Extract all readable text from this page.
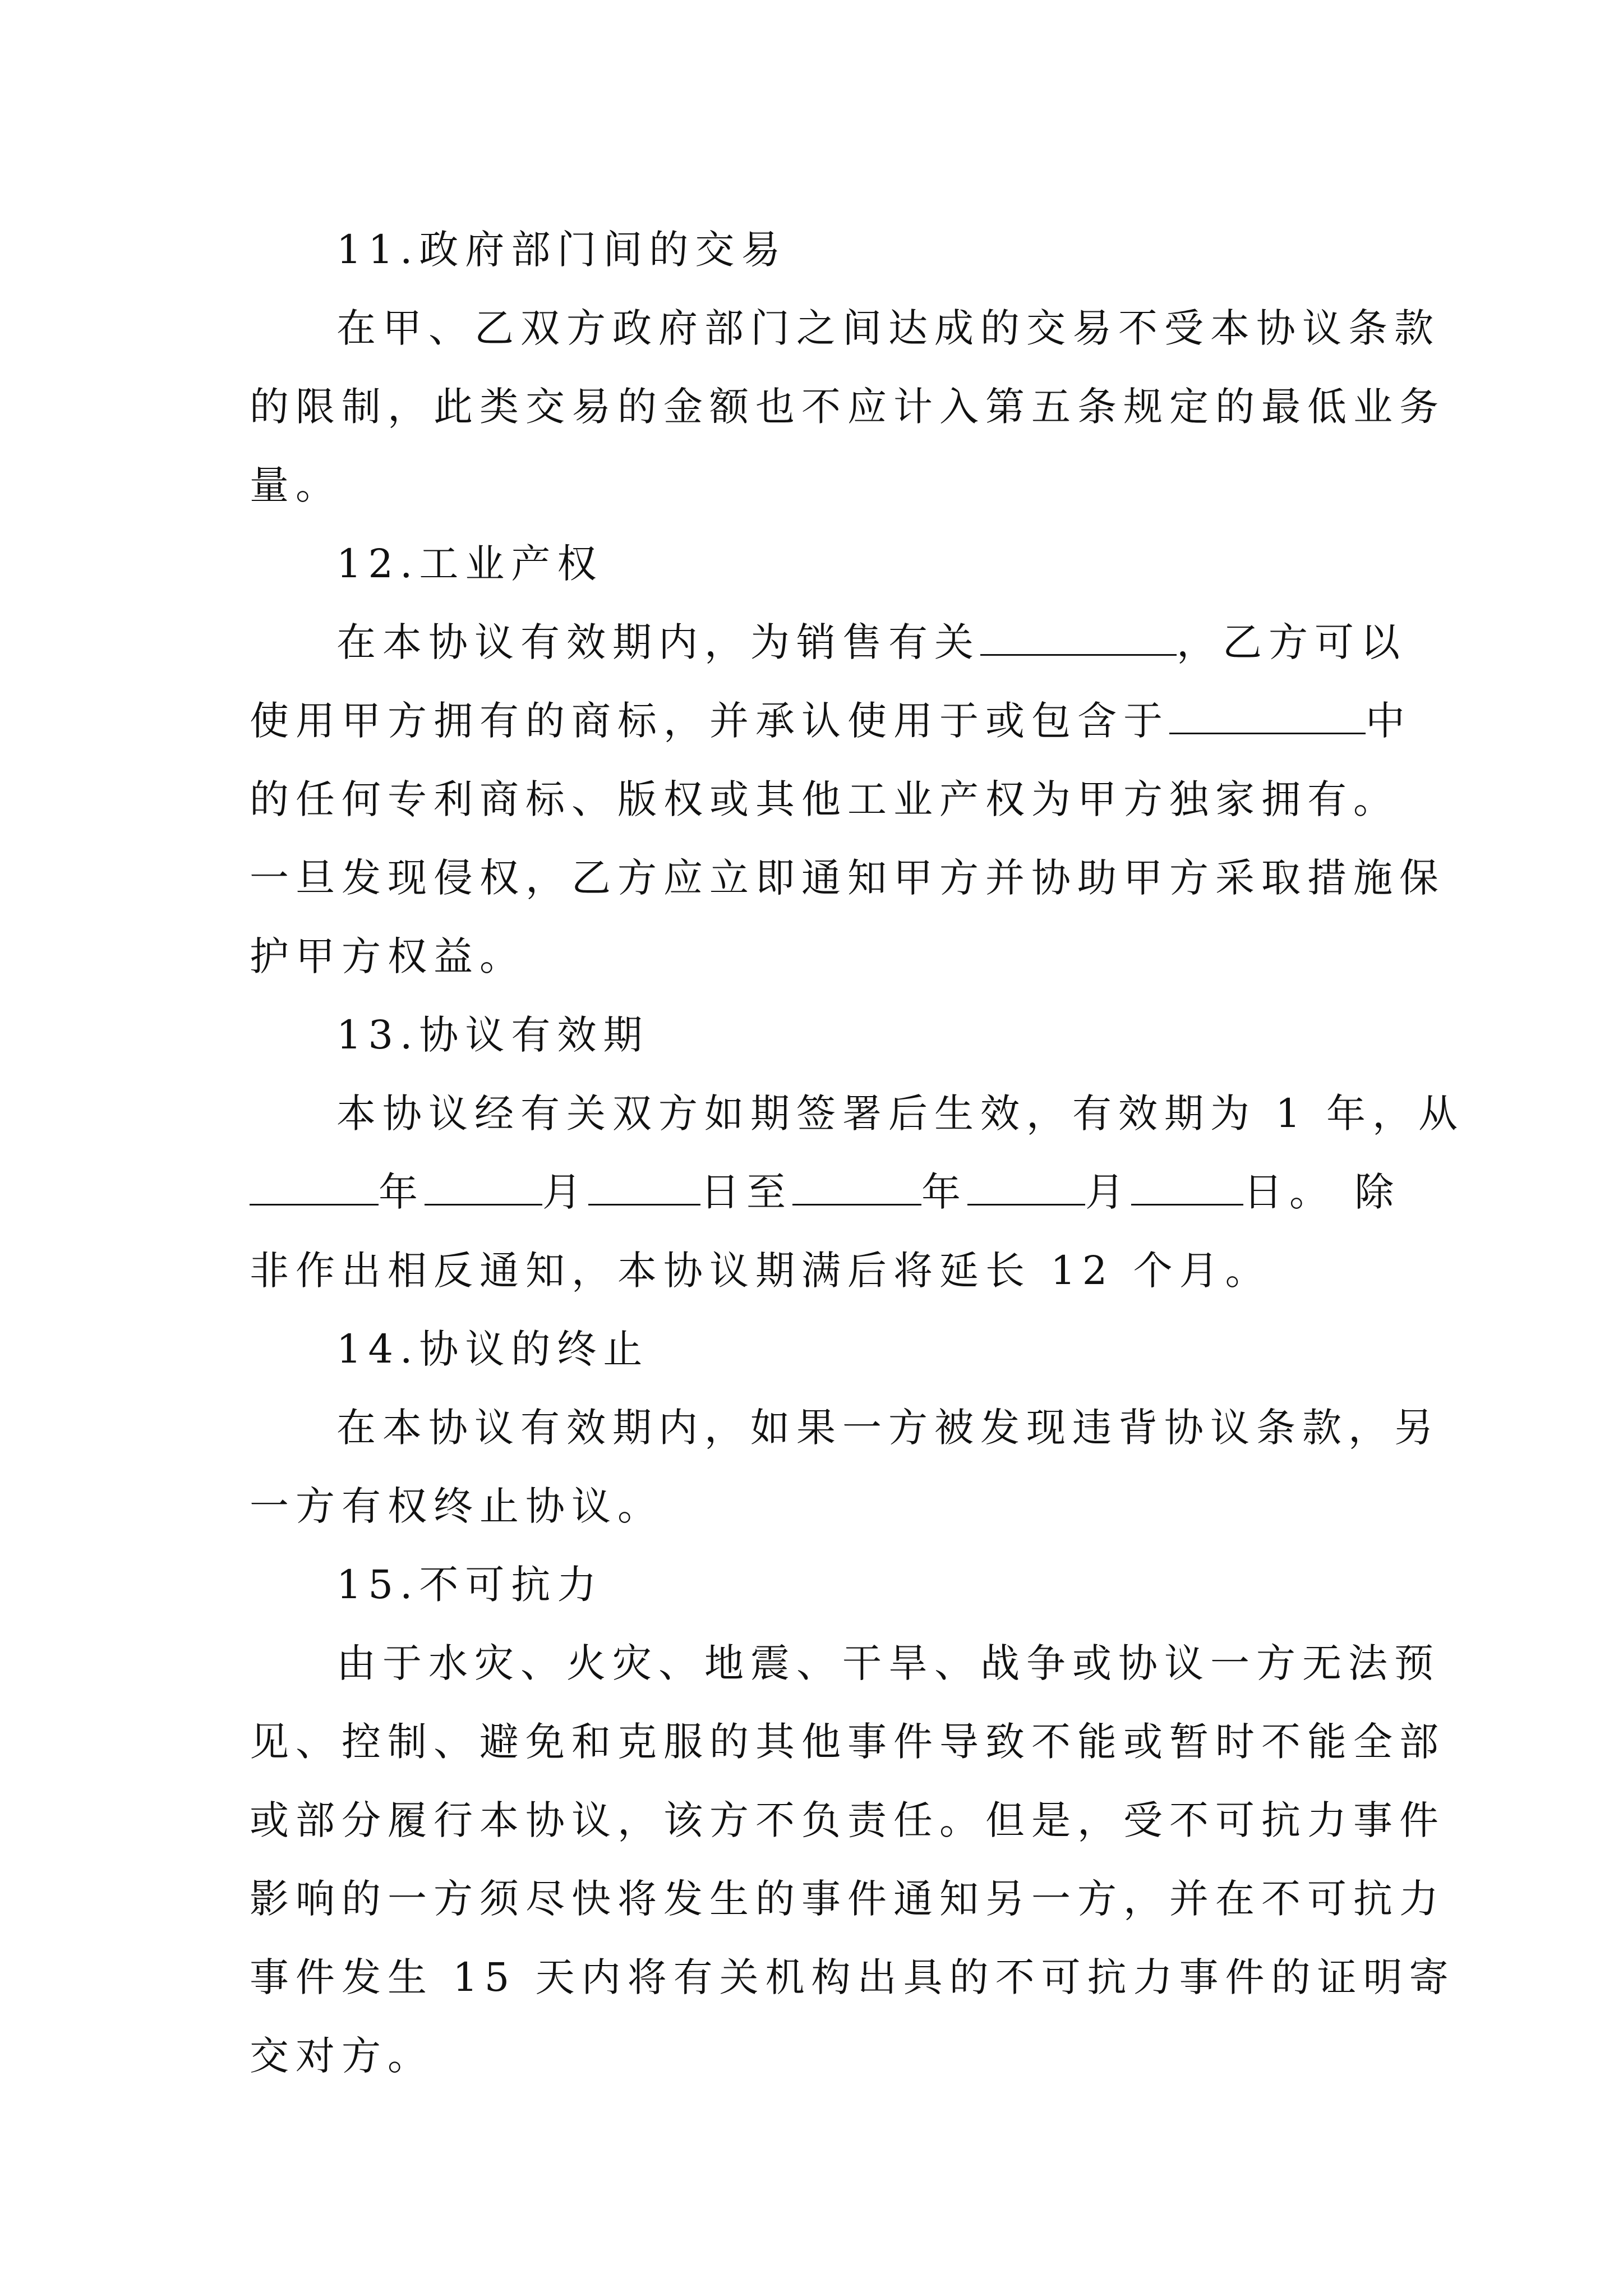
11.政府部门间的交易
在甲、乙双方政府部门之间达成的交易不受本协议条款
的限制，此类交易的金额也不应计入第五条规定的最低业务
量。
12.工业产权
在本协议有效期内，为销售有关	，乙方可以
使用甲方拥有的商标，并承认使用于或包含于	中
的任何专利商标、版权或其他工业产权为甲方独家拥有。
一旦发现侵权，乙方应立即通知甲方并协助甲方采取措施保
护甲方权益。
13.协议有效期
本协议经有关双方如期签署后生效，有效期为 1 年，从
年	月	日至	年	月	日。 除
非作出相反通知，本协议期满后将延长 12 个月。
14.协议的终止
在本协议有效期内，如果一方被发现违背协议条款，另
一方有权终止协议。
15.不可抗力
由于水灾、火灾、地震、干旱、战争或协议一方无法预
见、控制、避免和克服的其他事件导致不能或暂时不能全部
或部分履行本协议，该方不负责任。但是，受不可抗力事件
影响的一方须尽快将发生的事件通知另一方，并在不可抗力
事件发生 15 天内将有关机构出具的不可抗力事件的证明寄
交对方。
